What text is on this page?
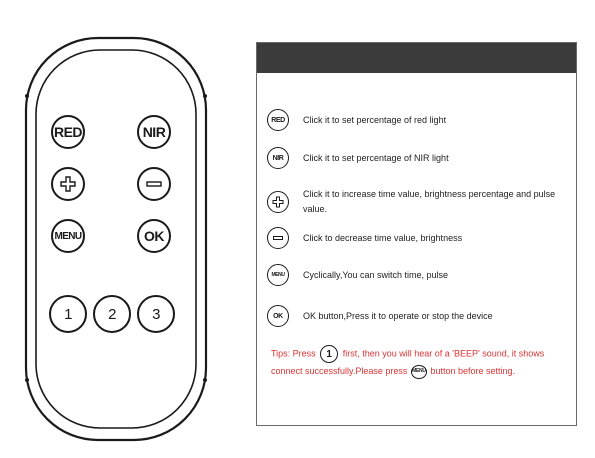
RED	NIR
MENU	OK
1 2 3
RED Click it to set percentage of red light
NIR Click it to set percentage of NIR light
Click it to increase time value, brightness percentage and pulse value.
Click to decrease time value, brightness
MENU Cyclically,You can switch time, pulse
OK OK button,Press it to operate or stop the device
Tips: Press 1 first, then you will hear of a 'BEEP' sound, it shows connect successfully.Please press MENU button before setting.
